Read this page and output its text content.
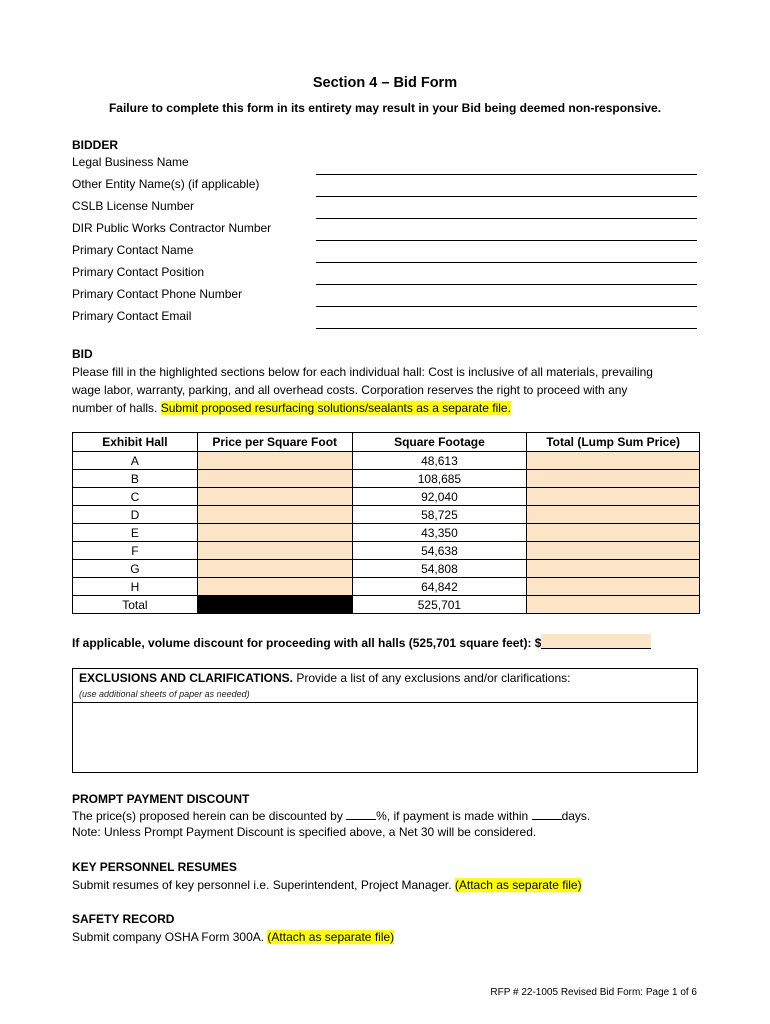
Section 4 – Bid Form
Failure to complete this form in its entirety may result in your Bid being deemed non-responsive.
BIDDER
Legal Business Name
Other Entity Name(s) (if applicable)
CSLB License Number
DIR Public Works Contractor Number
Primary Contact Name
Primary Contact Position
Primary Contact Phone Number
Primary Contact Email
BID
Please fill in the highlighted sections below for each individual hall: Cost is inclusive of all materials, prevailing
wage labor, warranty, parking, and all overhead costs. Corporation reserves the right to proceed with any
number of halls. Submit proposed resurfacing solutions/sealants as a separate file.
Exhibit Hall	Price per Square Foot	Square Footage	Total (Lump Sum Price)
A		48,613	
B		108,685	
C		92,040	
D		58,725	
E		43,350	
F		54,638	
G		54,808	
H		64,842	
Total		525,701	
If applicable, volume discount for proceeding with all halls (525,701 square feet): $
EXCLUSIONS AND CLARIFICATIONS. Provide a list of any exclusions and/or clarifications:
(use additional sheets of paper as needed)
PROMPT PAYMENT DISCOUNT
The price(s) proposed herein can be discounted by	%, if payment is made within	days.
Note: Unless Prompt Payment Discount is specified above, a Net 30 will be considered.
KEY PERSONNEL RESUMES
Submit resumes of key personnel i.e. Superintendent, Project Manager. (Attach as separate file)
SAFETY RECORD
Submit company OSHA Form 300A. (Attach as separate file)
RFP # 22-1005 Revised Bid Form: Page 1 of 6
